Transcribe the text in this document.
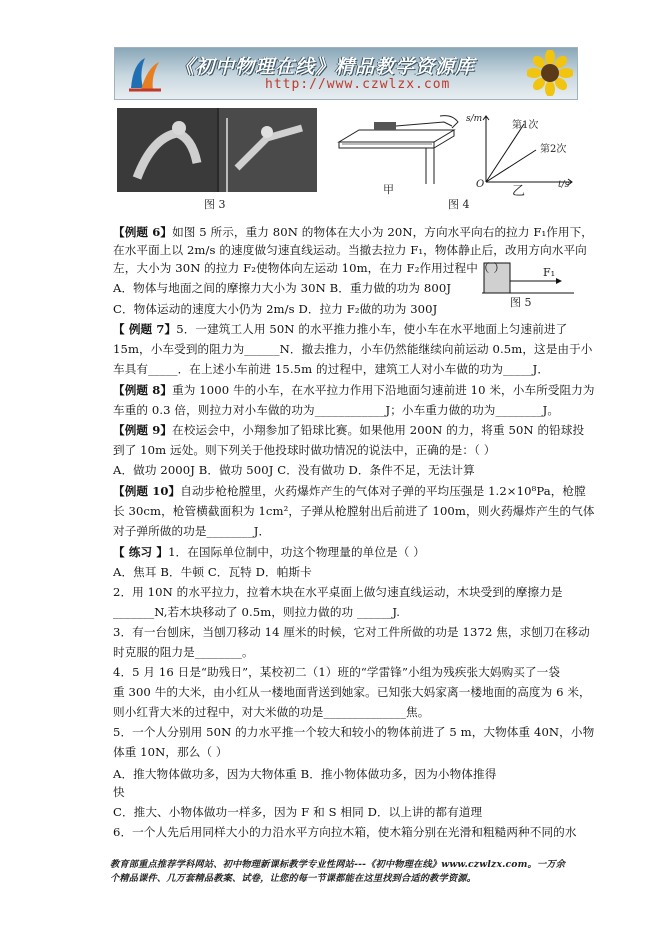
《初中物理在线》精品教学资源库
http://www.czwlzx.com
图 3
甲
图 4
s/m
t/s
O
第1次
第2次
乙
F₁
图 5
【例题 6】如图 5 所示，重力 80N 的物体在大小为 20N，方向水平向右的拉力 F₁作用下，
在水平面上以 2m/s 的速度做匀速直线运动。当撤去拉力 F₁，物体静止后，改用方向水平向
左，大小为 30N 的拉力 F₂使物体向左运动 10m，在力 F₂作用过程中（ ）
A．物体与地面之间的摩擦力大小为 30N B．重力做的功为 800J
C．物体运动的速度大小仍为 2m/s D．拉力 F₂做的功为 300J
【 例题 7】5．一建筑工人用 50N 的水平推力推小车，使小车在水平地面上匀速前进了
15m，小车受到的阻力为______N．撤去推力，小车仍然能继续向前运动 0.5m，这是由于小
车具有_____．在上述小车前进 15.5m 的过程中，建筑工人对小车做的功为_____J．
【例题 8】重为 1000 牛的小车，在水平拉力作用下沿地面匀速前进 10 米，小车所受阻力为
车重的 0.3 倍，则拉力对小车做的功为____________J；小车重力做的功为________J。
【例题 9】在校运会中，小翔参加了铅球比赛。如果他用 200N 的力，将重 50N 的铅球投
到了 10m 远处。则下列关于他投球时做功情况的说法中，正确的是：（ ）
A．做功 2000J B．做功 500J C．没有做功 D．条件不足，无法计算
【例题 10】自动步枪枪膛里，火药爆炸产生的气体对子弹的平均压强是 1.2×10⁸Pa，枪膛
长 30cm，枪管横截面积为 1cm²，子弹从枪膛射出后前进了 100m，则火药爆炸产生的气体
对子弹所做的功是________J．
【 练习 】1．在国际单位制中，功这个物理量的单位是（ ）
A．焦耳 B．牛顿 C．瓦特 D．帕斯卡
2．用 10N 的水平拉力，拉着木块在水平桌面上做匀速直线运动，木块受到的摩擦力是
_______N,若木块移动了 0.5m，则拉力做的功 ______J.
3．有一台刨床，当刨刀移动 14 厘米的时候，它对工件所做的功是 1372 焦，求刨刀在移动
时克服的阻力是________。
4．5 月 16 日是“助残日”，某校初二（1）班的“学雷锋”小组为残疾张大妈购买了一袋
重 300 牛的大米，由小红从一楼地面背送到她家。已知张大妈家离一楼地面的高度为 6 米，
则小红背大米的过程中，对大米做的功是______________焦。
5．一个人分别用 50N 的力水平推一个较大和较小的物体前进了 5 m，大物体重 40N，小物
体重 10N，那么（ ）
A．推大物体做功多，因为大物体重 B．推小物体做功多，因为小物体推得
快
C．推大、小物体做功一样多，因为 F 和 S 相同 D．以上讲的都有道理
6．一个人先后用同样大小的力沿水平方向拉木箱，使木箱分别在光滑和粗糙两种不同的水
教育部重点推荐学科网站、初中物理新课标教学专业性网站---《初中物理在线》www.czwlzx.com。一万余
个精品课件、几万套精品教案、试卷，让您的每一节课都能在这里找到合适的教学资源。
